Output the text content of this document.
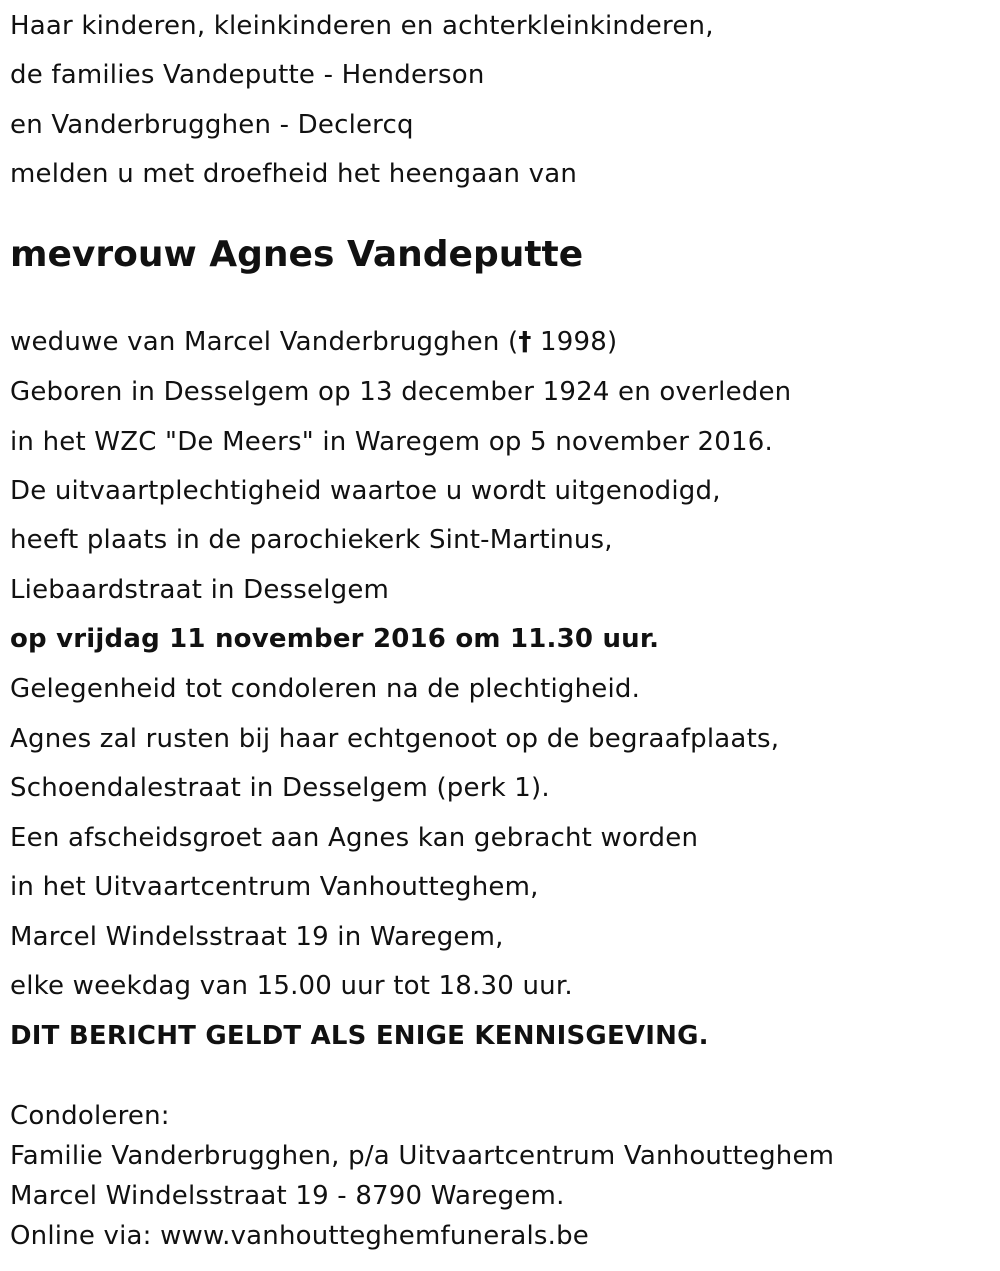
Haar kinderen, kleinkinderen en achterkleinkinderen,
de families Vandeputte - Henderson
en Vanderbrugghen - Declercq
melden u met droefheid het heengaan van
mevrouw Agnes Vandeputte
weduwe van Marcel Vanderbrugghen († 1998)
Geboren in Desselgem op 13 december 1924 en overleden
in het WZC "De Meers" in Waregem op 5 november 2016.
De uitvaartplechtigheid waartoe u wordt uitgenodigd,
heeft plaats in de parochiekerk Sint-Martinus,
Liebaardstraat in Desselgem
op vrijdag 11 november 2016 om 11.30 uur.
Gelegenheid tot condoleren na de plechtigheid.
Agnes zal rusten bij haar echtgenoot op de begraafplaats,
Schoendalestraat in Desselgem (perk 1).
Een afscheidsgroet aan Agnes kan gebracht worden
in het Uitvaartcentrum Vanhoutteghem,
Marcel Windelsstraat 19 in Waregem,
elke weekdag van 15.00 uur tot 18.30 uur.
DIT BERICHT GELDT ALS ENIGE KENNISGEVING.
Condoleren:
Familie Vanderbrugghen, p/a Uitvaartcentrum Vanhoutteghem
Marcel Windelsstraat 19 - 8790 Waregem.
Online via: www.vanhoutteghemfunerals.be
